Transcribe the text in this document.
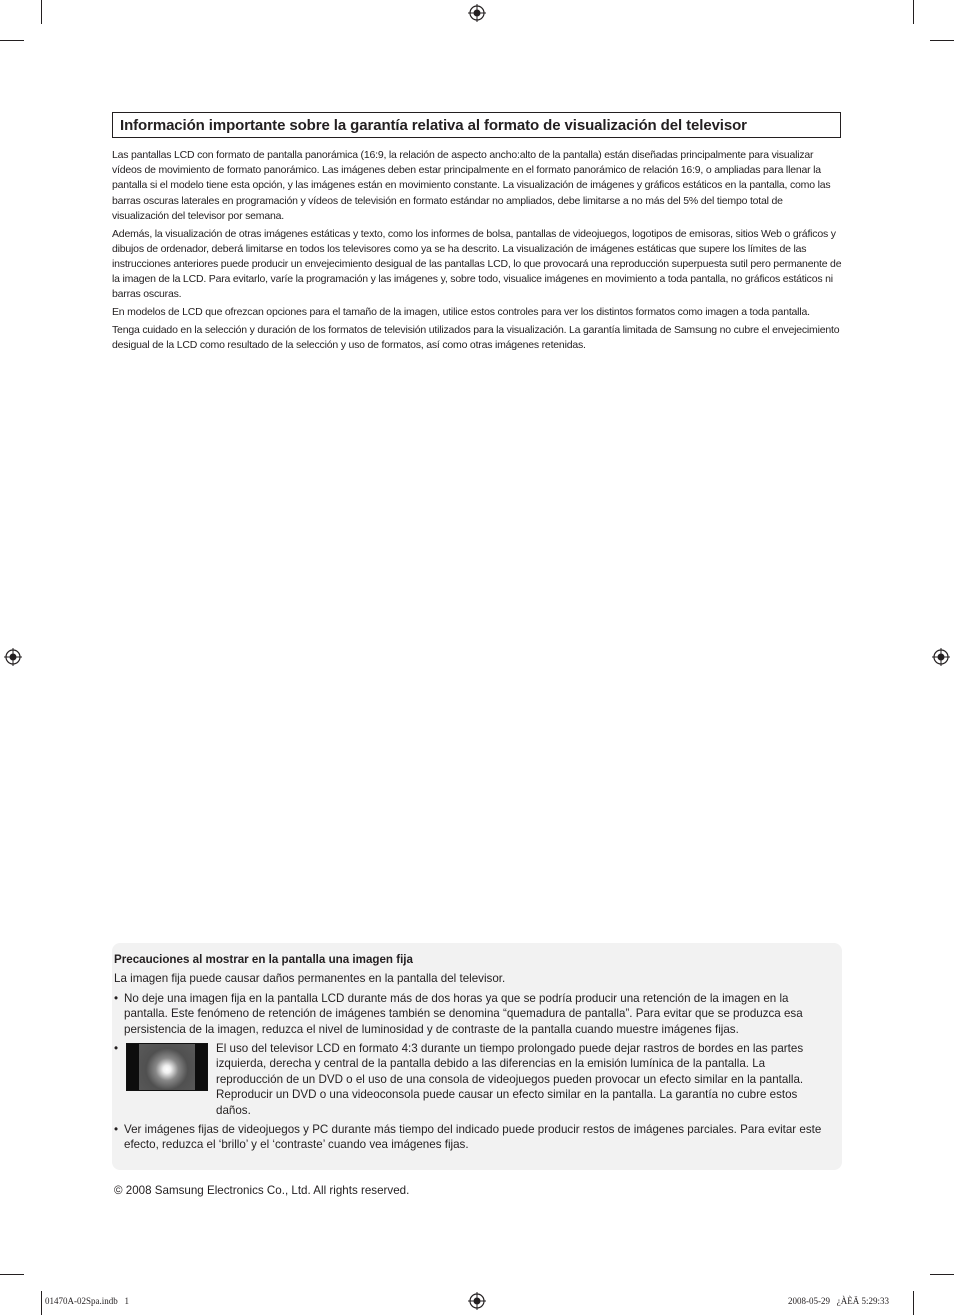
Información importante sobre la garantía relativa al formato de visualización del televisor

Las pantallas LCD con formato de pantalla panorámica (16:9, la relación de aspecto ancho:alto de la pantalla) están diseñadas principalmente para visualizar vídeos de movimiento de formato panorámico. Las imágenes deben estar principalmente en el formato panorámico de relación 16:9, o ampliadas para llenar la pantalla si el modelo tiene esta opción, y las imágenes están en movimiento constante. La visualización de imágenes y gráficos estáticos en la pantalla, como las barras oscuras laterales en programación y vídeos de televisión en formato estándar no ampliados, debe limitarse a no más del 5% del tiempo total de visualización del televisor por semana.

Además, la visualización de otras imágenes estáticas y texto, como los informes de bolsa, pantallas de videojuegos, logotipos de emisoras, sitios Web o gráficos y dibujos de ordenador, deberá limitarse en todos los televisores como ya se ha descrito. La visualización de imágenes estáticas que supere los límites de las instrucciones anteriores puede producir un envejecimiento desigual de las pantallas LCD, lo que provocará una reproducción superpuesta sutil pero permanente de la imagen de la LCD. Para evitarlo, varíe la programación y las imágenes y, sobre todo, visualice imágenes en movimiento a toda pantalla, no gráficos estáticos ni barras oscuras.

En modelos de LCD que ofrezcan opciones para el tamaño de la imagen, utilice estos controles para ver los distintos formatos como imagen a toda pantalla.

Tenga cuidado en la selección y duración de los formatos de televisión utilizados para la visualización. La garantía limitada de Samsung no cubre el envejecimiento desigual de la LCD como resultado de la selección y uso de formatos, así como otras imágenes retenidas.

Precauciones al mostrar en la pantalla una imagen fija

La imagen fija puede causar daños permanentes en la pantalla del televisor.

• No deje una imagen fija en la pantalla LCD durante más de dos horas ya que se podría producir una retención de la imagen en la pantalla. Este fenómeno de retención de imágenes también se denomina “quemadura de pantalla”. Para evitar que se produzca esa persistencia de la imagen, reduzca el nivel de luminosidad y de contraste de la pantalla cuando muestre imágenes fijas.
•	El uso del televisor LCD en formato 4:3 durante un tiempo prolongado puede dejar rastros de bordes en las partes izquierda, derecha y central de la pantalla debido a las diferencias en la emisión lumínica de la pantalla. La reproducción de un DVD o el uso de una consola de videojuegos pueden provocar un efecto similar en la pantalla. Reproducir un DVD o una videoconsola puede causar un efecto similar en la pantalla. La garantía no cubre estos daños.
• Ver imágenes fijas de videojuegos y PC durante más tiempo del indicado puede producir restos de imágenes parciales. Para evitar este efecto, reduzca el ‘brillo’ y el ‘contraste’ cuando vea imágenes fijas.
© 2008 Samsung Electronics Co., Ltd. All rights reserved.
01470A-02Spa.indb   1	2008-05-29   ¿ÀÈÄ 5:29:33
